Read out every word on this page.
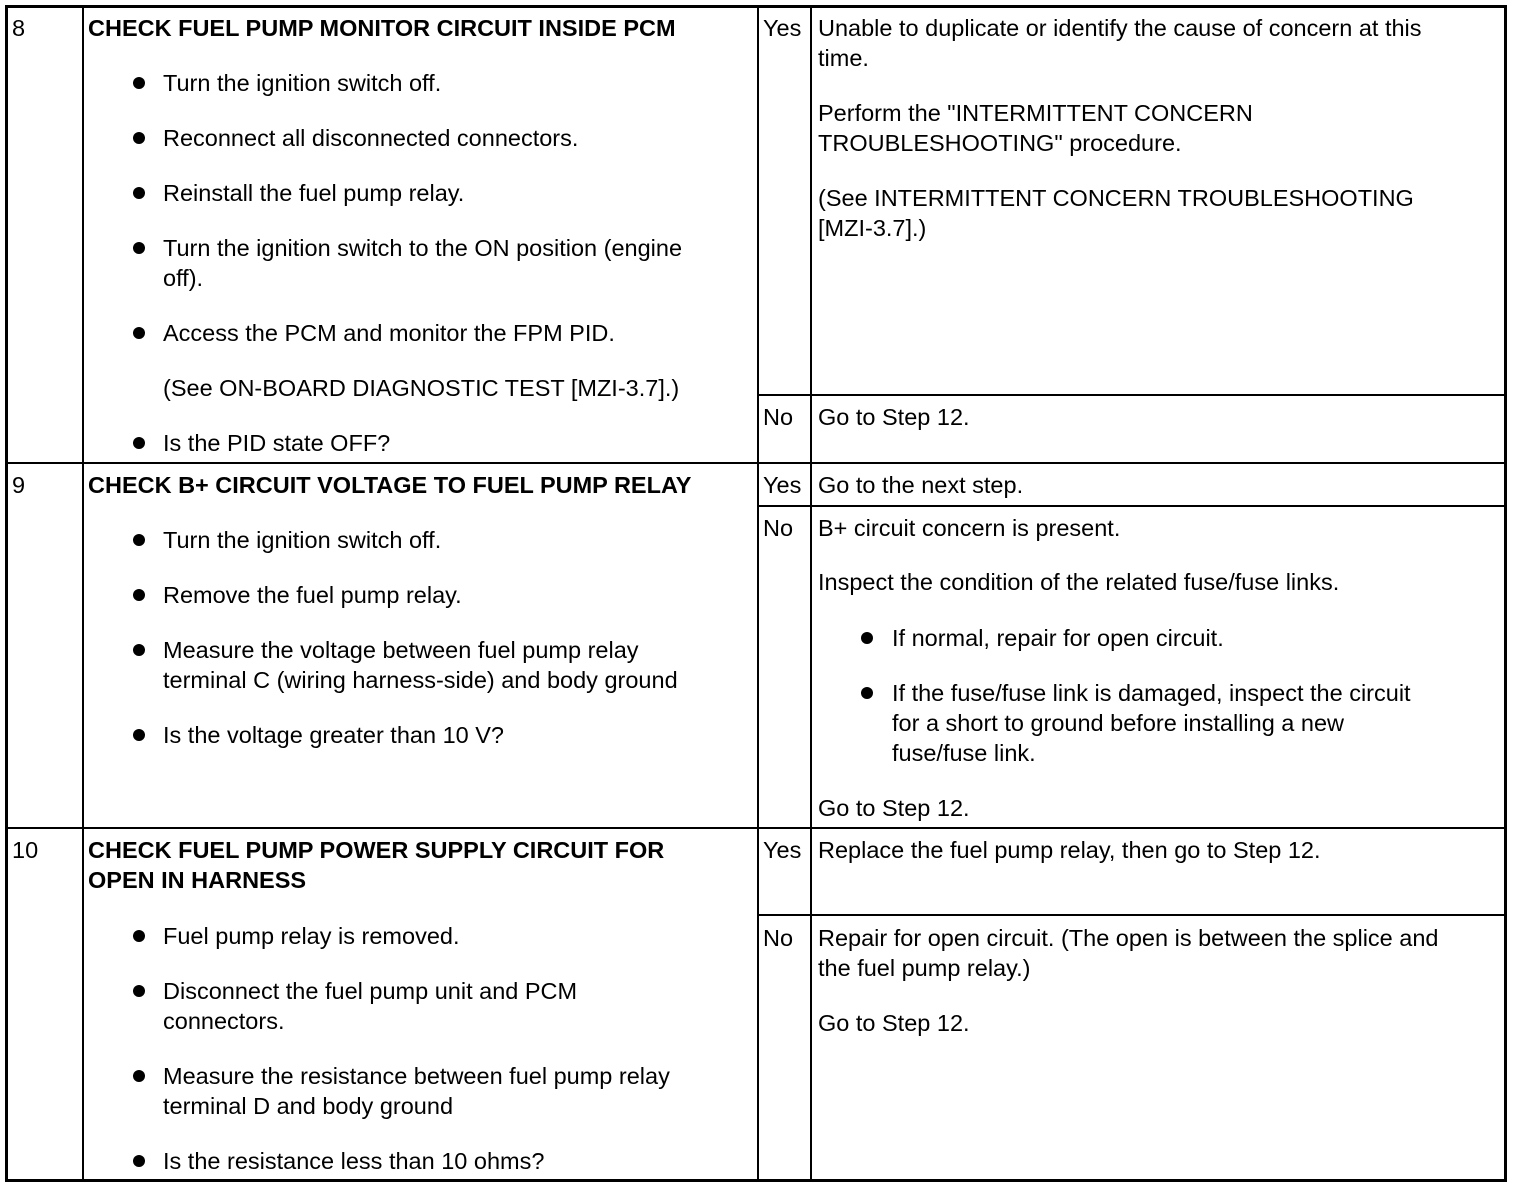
8	CHECK FUEL PUMP MONITOR CIRCUIT INSIDE PCM
Turn the ignition switch off.
Reconnect all disconnected connectors.
Reinstall the fuel pump relay.
Turn the ignition switch to the ON position (engine
off).
Access the PCM and monitor the FPM PID.
(See ON-BOARD DIAGNOSTIC TEST [MZI-3.7].)
Is the PID state OFF?
Yes Unable to duplicate or identify the cause of concern at this
time.
Perform the "INTERMITTENT CONCERN
TROUBLESHOOTING" procedure.
(See INTERMITTENT CONCERN TROUBLESHOOTING
[MZI-3.7].)
No Go to Step 12.
9	CHECK B+ CIRCUIT VOLTAGE TO FUEL PUMP RELAY
Turn the ignition switch off.
Remove the fuel pump relay.
Measure the voltage between fuel pump relay
terminal C (wiring harness-side) and body ground
Is the voltage greater than 10 V?
Yes Go to the next step.
No B+ circuit concern is present.
Inspect the condition of the related fuse/fuse links.
If normal, repair for open circuit.
If the fuse/fuse link is damaged, inspect the circuit
for a short to ground before installing a new
fuse/fuse link.
Go to Step 12.
10 CHECK FUEL PUMP POWER SUPPLY CIRCUIT FOR
OPEN IN HARNESS
Fuel pump relay is removed.
Disconnect the fuel pump unit and PCM
connectors.
Measure the resistance between fuel pump relay
terminal D and body ground
Is the resistance less than 10 ohms?
Yes Replace the fuel pump relay, then go to Step 12.
No Repair for open circuit. (The open is between the splice and
the fuel pump relay.)
Go to Step 12.
